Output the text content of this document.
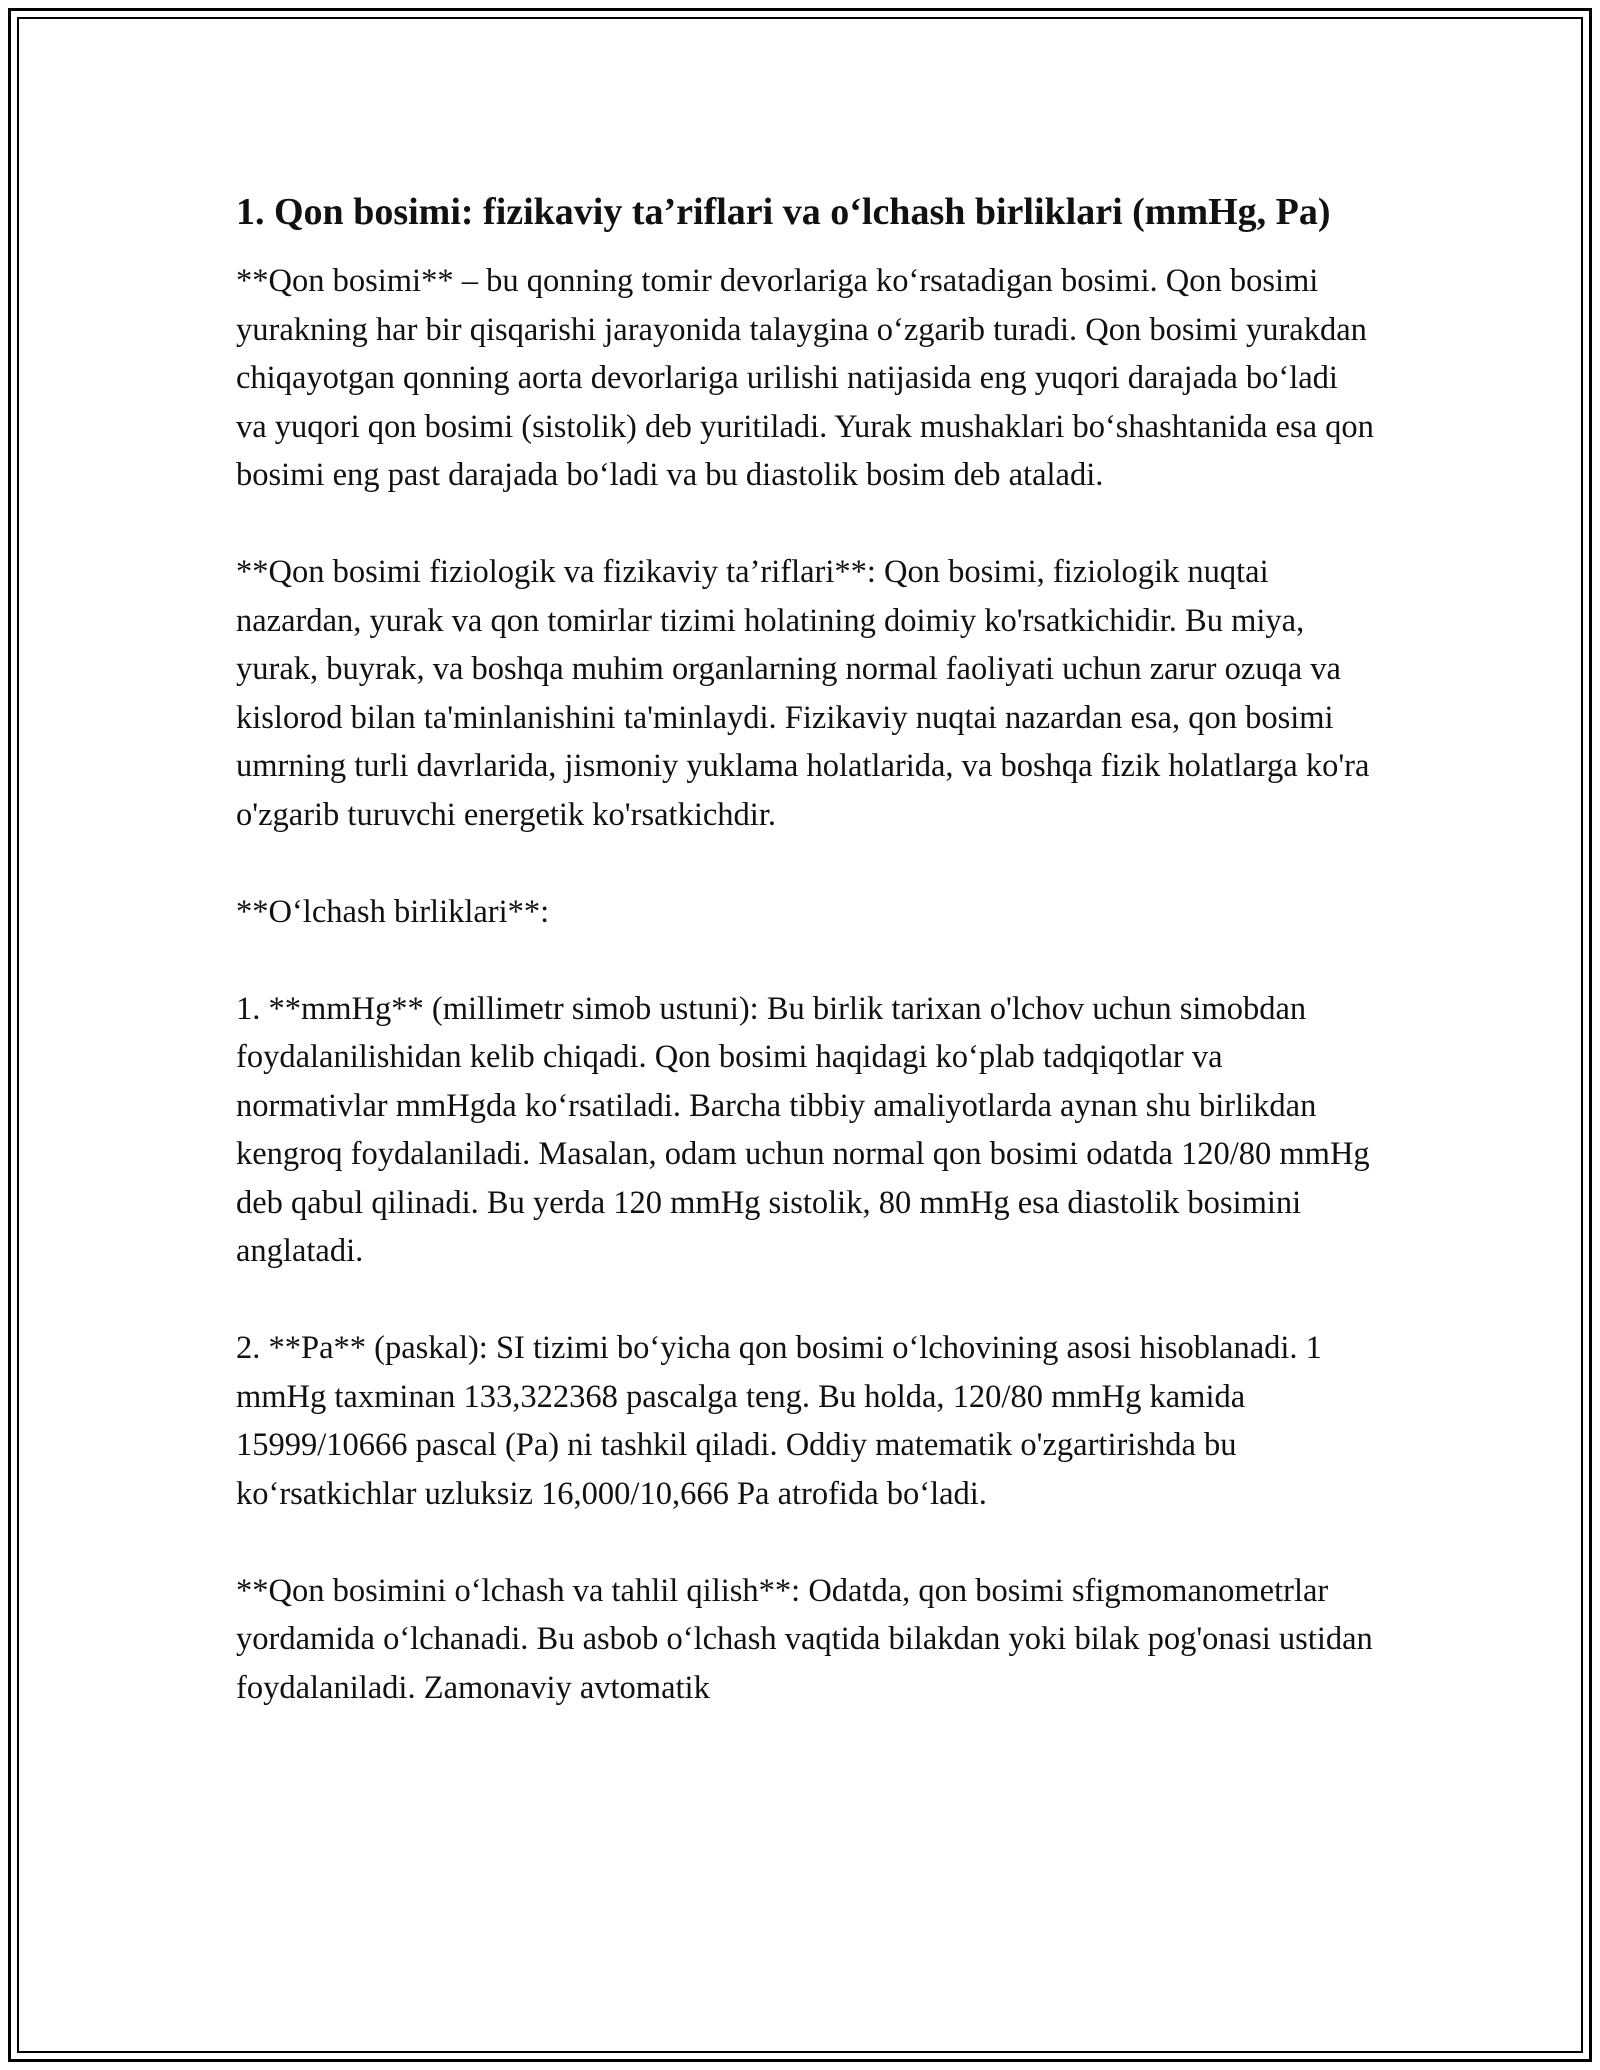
1. Qon bosimi: fizikaviy ta’riflari va o‘lchash birliklari (mmHg, Pa)

**Qon bosimi** – bu qonning tomir devorlariga ko‘rsatadigan bosimi. Qon bosimi yurakning har bir qisqarishi jarayonida talaygina o‘zgarib turadi. Qon bosimi yurakdan chiqayotgan qonning aorta devorlariga urilishi natijasida eng yuqori darajada bo‘ladi va yuqori qon bosimi (sistolik) deb yuritiladi. Yurak mushaklari bo‘shashtanida esa qon bosimi eng past darajada bo‘ladi va bu diastolik bosim deb ataladi.

**Qon bosimi fiziologik va fizikaviy ta’riflari**: Qon bosimi, fiziologik nuqtai nazardan, yurak va qon tomirlar tizimi holatining doimiy ko'rsatkichidir. Bu miya, yurak, buyrak, va boshqa muhim organlarning normal faoliyati uchun zarur ozuqa va kislorod bilan ta'minlanishini ta'minlaydi. Fizikaviy nuqtai nazardan esa, qon bosimi umrning turli davrlarida, jismoniy yuklama holatlarida, va boshqa fizik holatlarga ko'ra o'zgarib turuvchi energetik ko'rsatkichdir.

**O‘lchash birliklari**:

1. **mmHg** (millimetr simob ustuni): Bu birlik tarixan o'lchov uchun simobdan foydalanilishidan kelib chiqadi. Qon bosimi haqidagi ko‘plab tadqiqotlar va normativlar mmHgda ko‘rsatiladi. Barcha tibbiy amaliyotlarda aynan shu birlikdan kengroq foydalaniladi. Masalan, odam uchun normal qon bosimi odatda 120/80 mmHg deb qabul qilinadi. Bu yerda 120 mmHg sistolik, 80 mmHg esa diastolik bosimini anglatadi.

2. **Pa** (paskal): SI tizimi bo‘yicha qon bosimi o‘lchovining asosi hisoblanadi. 1 mmHg taxminan 133,322368 pascalga teng. Bu holda, 120/80 mmHg kamida 15999/10666 pascal (Pa) ni tashkil qiladi. Oddiy matematik o'zgartirishda bu ko‘rsatkichlar uzluksiz 16,000/10,666 Pa atrofida bo‘ladi.

**Qon bosimini o‘lchash va tahlil qilish**: Odatda, qon bosimi sfigmomanometrlar yordamida o‘lchanadi. Bu asbob o‘lchash vaqtida bilakdan yoki bilak pog'onasi ustidan foydalaniladi. Zamonaviy avtomatik
